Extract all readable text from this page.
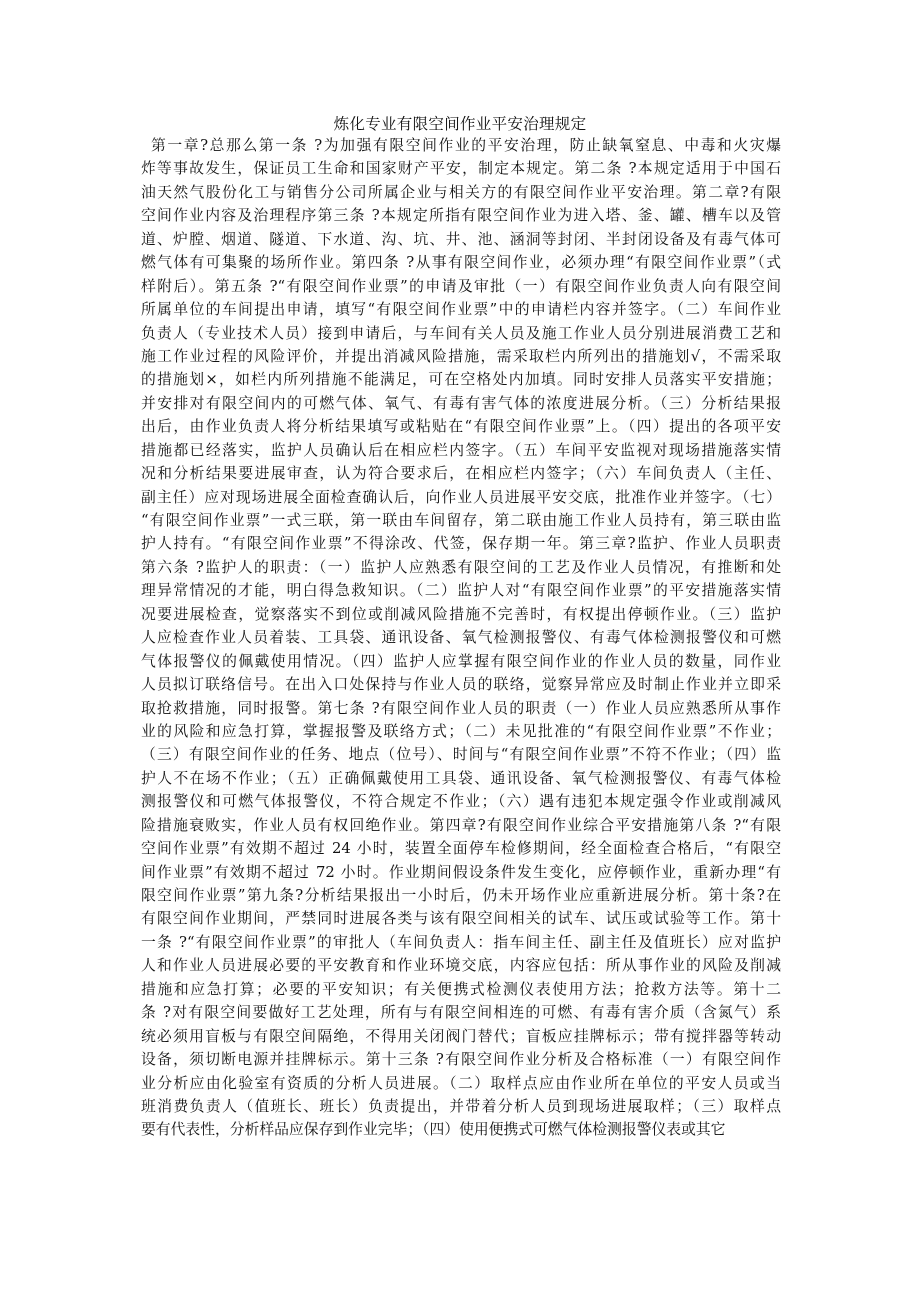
炼化专业有限空间作业平安治理规定
第一章?总那么第一条 ?为加强有限空间作业的平安治理，防止缺氧窒息、中毒和火灾爆
炸等事故发生，保证员工生命和国家财产平安，制定本规定。第二条 ?本规定适用于中国石
油天然气股份化工与销售分公司所属企业与相关方的有限空间作业平安治理。第二章?有限
空间作业内容及治理程序第三条 ?本规定所指有限空间作业为进入塔、釜、罐、槽车以及管
道、炉膛、烟道、隧道、下水道、沟、坑、井、池、涵洞等封闭、半封闭设备及有毒气体可
燃气体有可集聚的场所作业。第四条 ?从事有限空间作业，必须办理“有限空间作业票”（式
样附后）。第五条 ?“有限空间作业票”的申请及审批（一）有限空间作业负责人向有限空间
所属单位的车间提出申请，填写“有限空间作业票”中的申请栏内容并签字。（二）车间作业
负责人（专业技术人员）接到申请后，与车间有关人员及施工作业人员分别进展消费工艺和
施工作业过程的风险评价，并提出消减风险措施，需采取栏内所列出的措施划√，不需采取
的措施划×，如栏内所列措施不能满足，可在空格处内加填。同时安排人员落实平安措施；
并安排对有限空间内的可燃气体、氧气、有毒有害气体的浓度进展分析。（三）分析结果报
出后，由作业负责人将分析结果填写或粘贴在“有限空间作业票”上。（四）提出的各项平安
措施都已经落实，监护人员确认后在相应栏内签字。（五）车间平安监视对现场措施落实情
况和分析结果要进展审查，认为符合要求后，在相应栏内签字；（六）车间负责人（主任、
副主任）应对现场进展全面检查确认后，向作业人员进展平安交底，批准作业并签字。（七）
“有限空间作业票”一式三联，第一联由车间留存，第二联由施工作业人员持有，第三联由监
护人持有。“有限空间作业票”不得涂改、代签，保存期一年。第三章?监护、作业人员职责
第六条 ?监护人的职责：（一）监护人应熟悉有限空间的工艺及作业人员情况，有推断和处
理异常情况的才能，明白得急救知识。（二）监护人对“有限空间作业票”的平安措施落实情
况要进展检查，觉察落实不到位或削减风险措施不完善时，有权提出停顿作业。（三）监护
人应检查作业人员着装、工具袋、通讯设备、氧气检测报警仪、有毒气体检测报警仪和可燃
气体报警仪的佩戴使用情况。（四）监护人应掌握有限空间作业的作业人员的数量，同作业
人员拟订联络信号。在出入口处保持与作业人员的联络，觉察异常应及时制止作业并立即采
取抢救措施，同时报警。第七条 ?有限空间作业人员的职责（一）作业人员应熟悉所从事作
业的风险和应急打算，掌握报警及联络方式；（二）未见批准的“有限空间作业票”不作业；
（三）有限空间作业的任务、地点（位号）、时间与“有限空间作业票”不符不作业；（四）监
护人不在场不作业；（五）正确佩戴使用工具袋、通讯设备、氧气检测报警仪、有毒气体检
测报警仪和可燃气体报警仪，不符合规定不作业；（六）遇有违犯本规定强令作业或削减风
险措施衰败实，作业人员有权回绝作业。第四章?有限空间作业综合平安措施第八条 ?“有限
空间作业票”有效期不超过 24 小时，装置全面停车检修期间，经全面检查合格后，“有限空
间作业票”有效期不超过 72 小时。作业期间假设条件发生变化，应停顿作业，重新办理“有
限空间作业票”第九条?分析结果报出一小时后，仍未开场作业应重新进展分析。第十条?在
有限空间作业期间，严禁同时进展各类与该有限空间相关的试车、试压或试验等工作。第十
一条 ?“有限空间作业票”的审批人（车间负责人：指车间主任、副主任及值班长）应对监护
人和作业人员进展必要的平安教育和作业环境交底，内容应包括：所从事作业的风险及削减
措施和应急打算；必要的平安知识；有关便携式检测仪表使用方法；抢救方法等。第十二
条 ?对有限空间要做好工艺处理，所有与有限空间相连的可燃、有毒有害介质（含氮气）系
统必须用盲板与有限空间隔绝，不得用关闭阀门替代；盲板应挂牌标示；带有搅拌器等转动
设备，须切断电源并挂牌标示。第十三条 ?有限空间作业分析及合格标准（一）有限空间作
业分析应由化验室有资质的分析人员进展。（二）取样点应由作业所在单位的平安人员或当
班消费负责人（值班长、班长）负责提出，并带着分析人员到现场进展取样；（三）取样点
要有代表性，分析样品应保存到作业完毕；（四）使用便携式可燃气体检测报警仪表或其它
